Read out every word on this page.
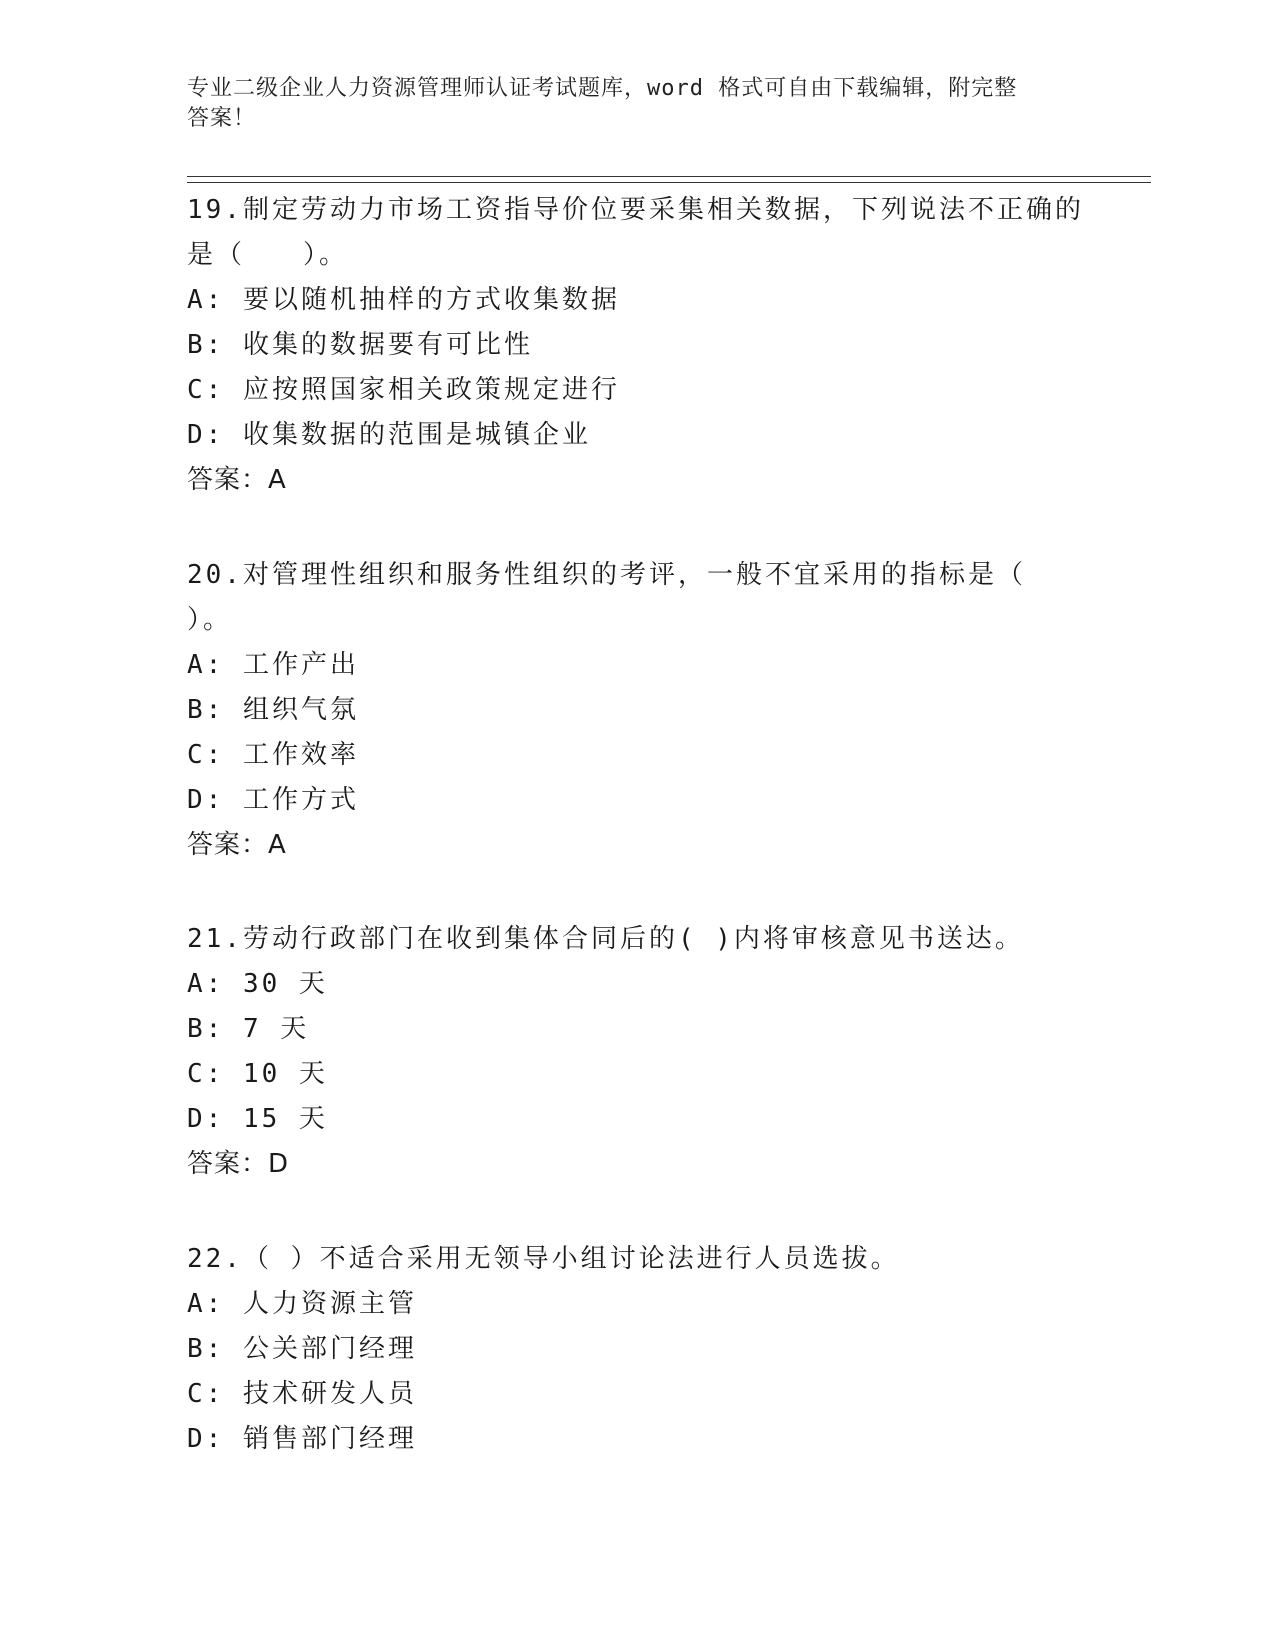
专业二级企业人力资源管理师认证考试题库，word 格式可自由下载编辑，附完整
答案！
19.制定劳动力市场工资指导价位要采集相关数据，下列说法不正确的
是（　　）。
A: 要以随机抽样的方式收集数据
B: 收集的数据要有可比性
C: 应按照国家相关政策规定进行
D: 收集数据的范围是城镇企业
答案：A
20.对管理性组织和服务性组织的考评，一般不宜采用的指标是（
）。
A: 工作产出
B: 组织气氛
C: 工作效率
D: 工作方式
答案：A
21.劳动行政部门在收到集体合同后的( )内将审核意见书送达。
A: 30 天
B: 7 天
C: 10 天
D: 15 天
答案：D
22.（ ）不适合采用无领导小组讨论法进行人员选拔。
A: 人力资源主管
B: 公关部门经理
C: 技术研发人员
D: 销售部门经理
